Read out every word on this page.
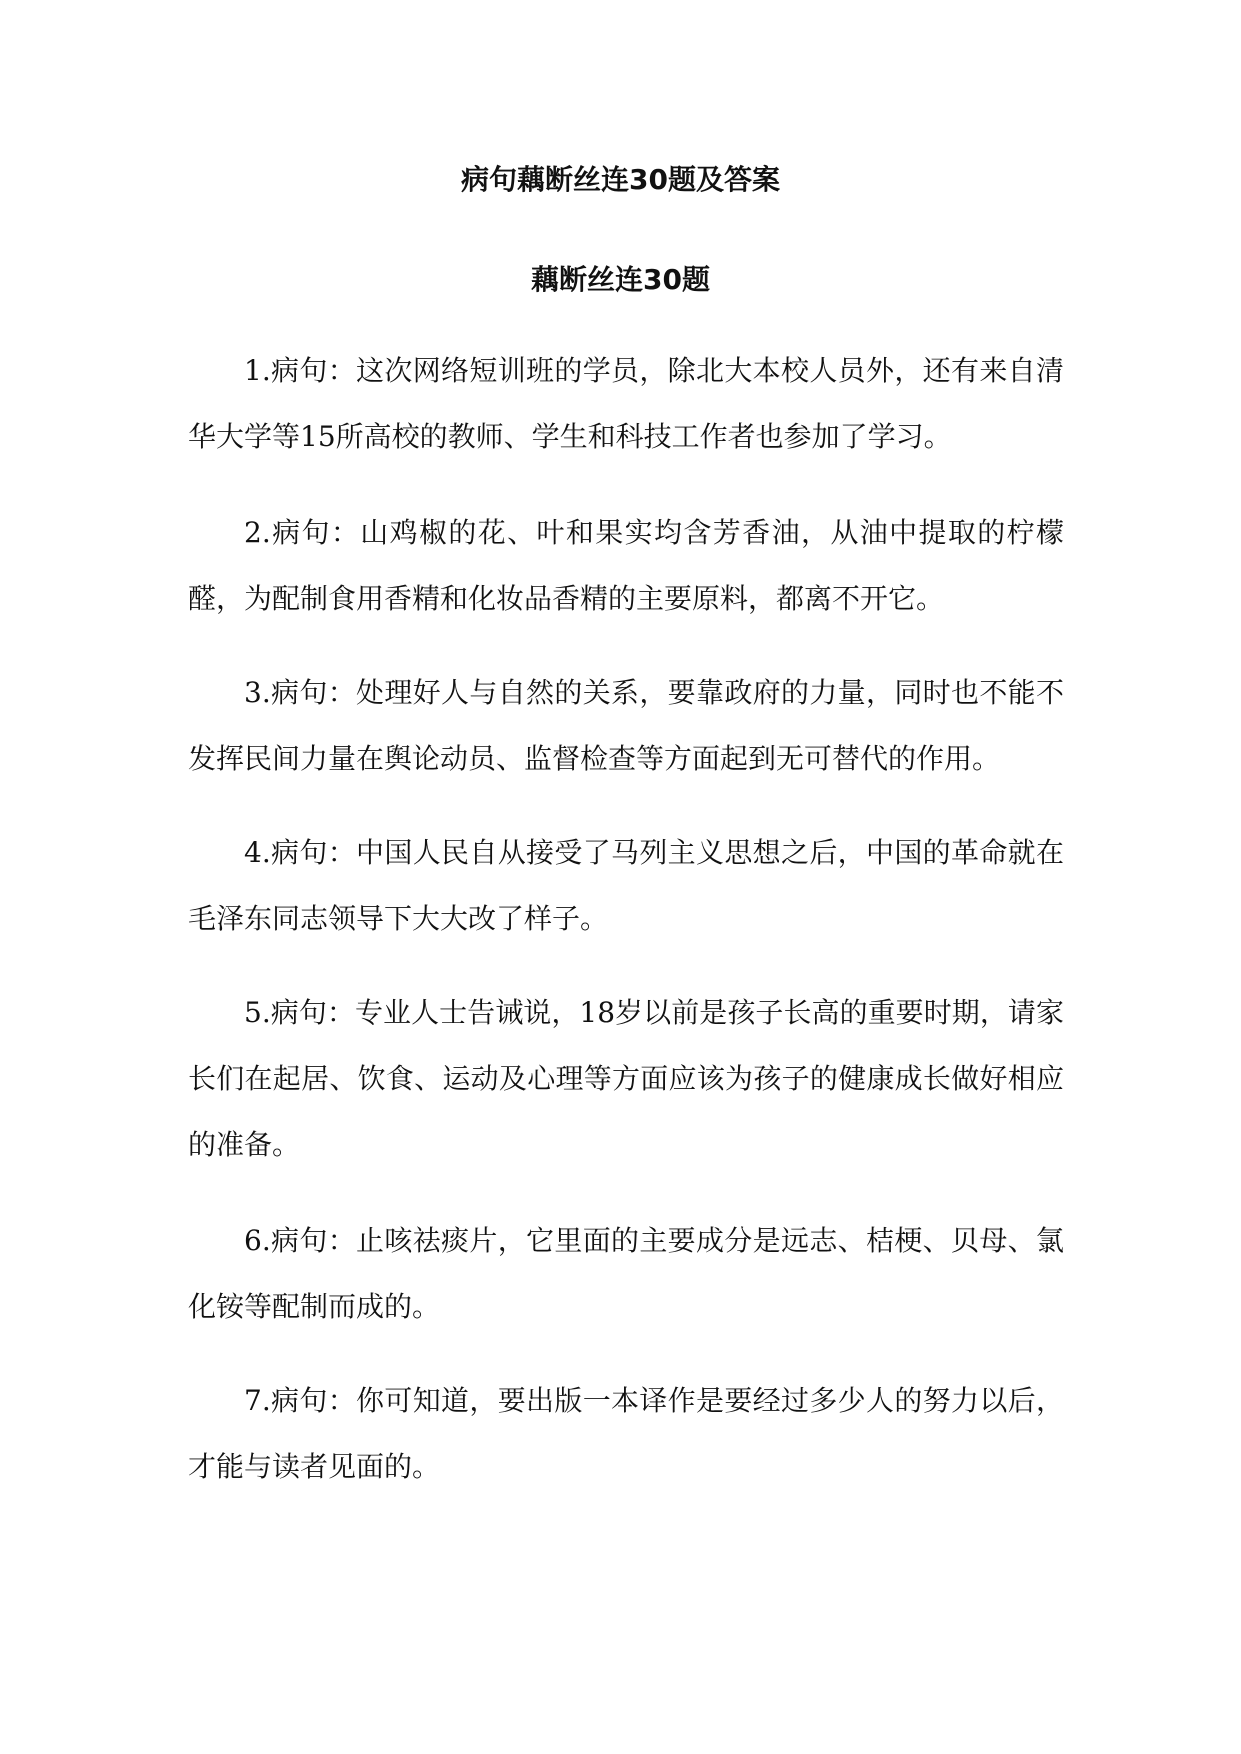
病句藕断丝连30题及答案
藕断丝连30题

1.病句：这次网络短训班的学员，除北大本校人员外，还有来自清华大学等15所高校的教师、学生和科技工作者也参加了学习。

2.病句：山鸡椒的花、叶和果实均含芳香油，从油中提取的柠檬醛，为配制食用香精和化妆品香精的主要原料，都离不开它。

3.病句：处理好人与自然的关系，要靠政府的力量，同时也不能不发挥民间力量在舆论动员、监督检查等方面起到无可替代的作用。

4.病句：中国人民自从接受了马列主义思想之后，中国的革命就在毛泽东同志领导下大大改了样子。

5.病句：专业人士告诫说，18岁以前是孩子长高的重要时期，请家长们在起居、饮食、运动及心理等方面应该为孩子的健康成长做好相应的准备。

6.病句：止咳祛痰片，它里面的主要成分是远志、桔梗、贝母、氯化铵等配制而成的。

7.病句：你可知道，要出版一本译作是要经过多少人的努力以后，才能与读者见面的。
